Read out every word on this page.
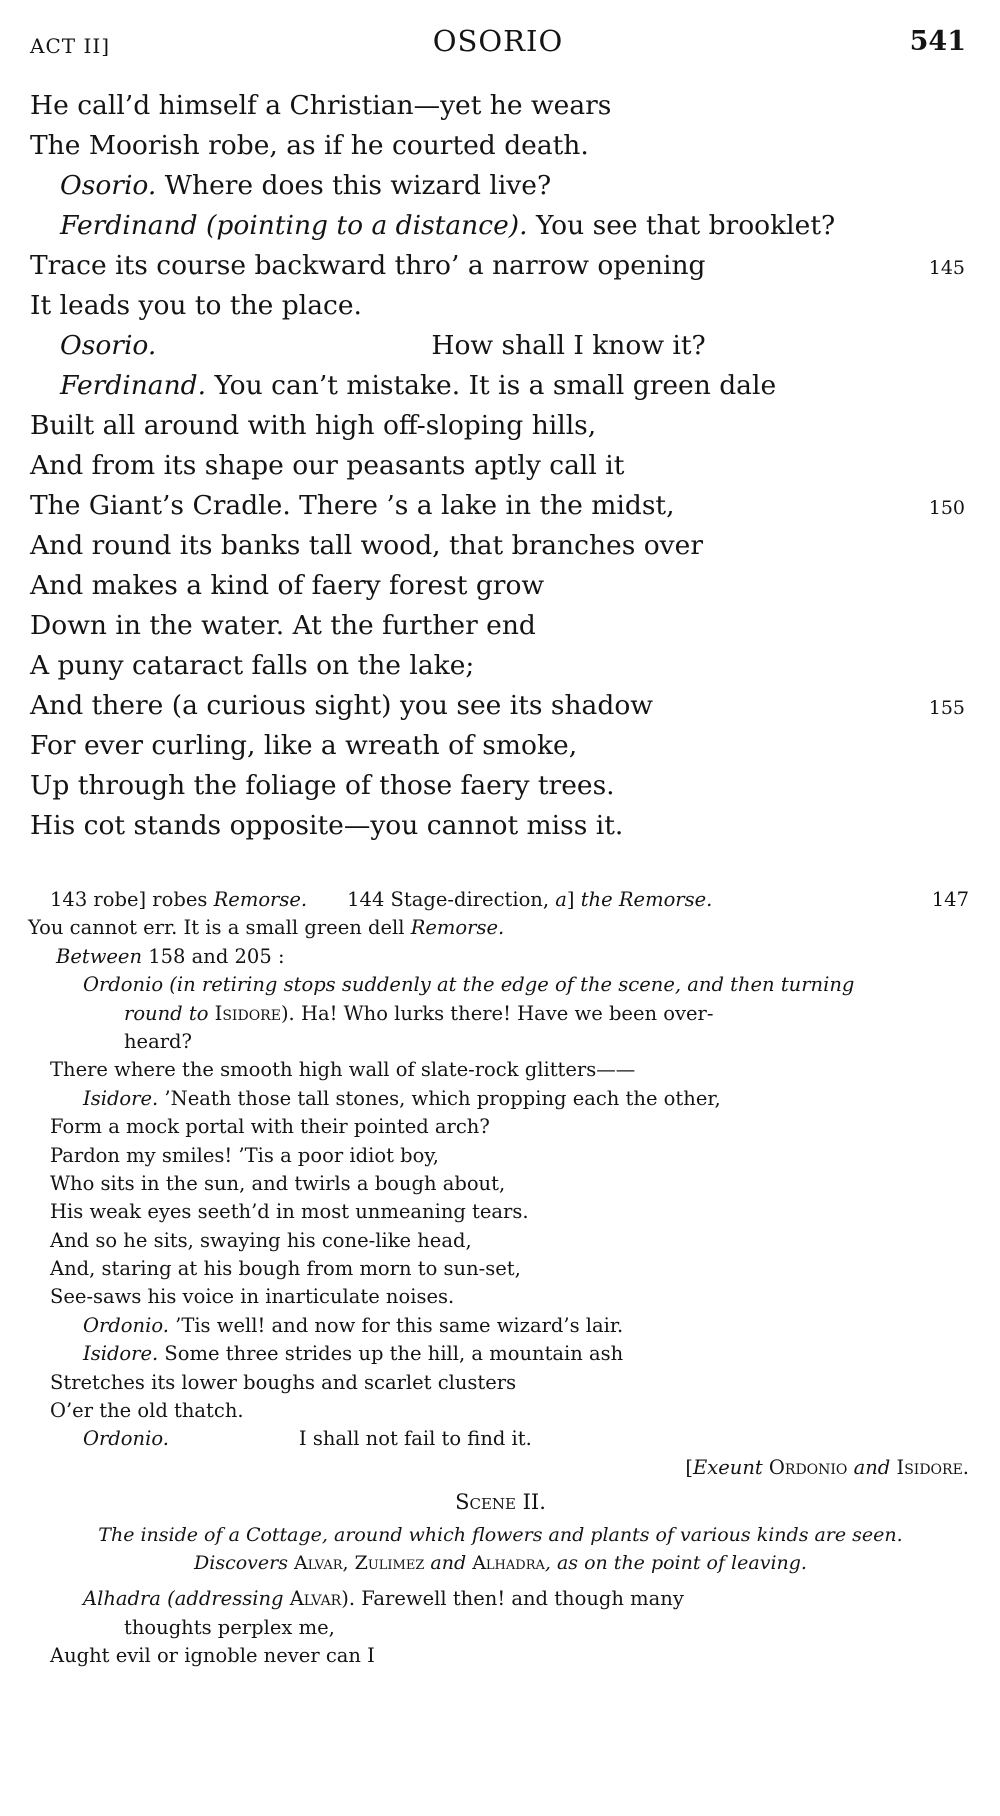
ACT II]	OSORIO	541
He call’d himself a Christian—yet he wears
The Moorish robe, as if he courted death.
Osorio. Where does this wizard live?
Ferdinand (pointing to a distance). You see that brooklet?
Trace its course backward thro’ a narrow opening	145
It leads you to the place.
Osorio.	How shall I know it?
Ferdinand. You can’t mistake. It is a small green dale
Built all around with high off-sloping hills,
And from its shape our peasants aptly call it
The Giant’s Cradle. There ’s a lake in the midst,	150
And round its banks tall wood, that branches over
And makes a kind of faery forest grow
Down in the water. At the further end
A puny cataract falls on the lake;
And there (a curious sight) you see its shadow	155
For ever curling, like a wreath of smoke,
Up through the foliage of those faery trees.
His cot stands opposite—you cannot miss it.
143 robe] robes Remorse. 144 Stage-direction, a] the Remorse.	147
You cannot err. It is a small green dell Remorse.
Between 158 and 205 :
Ordonio (in retiring stops suddenly at the edge of the scene, and then turning
round to Isidore). Ha! Who lurks there! Have we been over-
heard?
There where the smooth high wall of slate-rock glitters——
Isidore. ’Neath those tall stones, which propping each the other,
Form a mock portal with their pointed arch?
Pardon my smiles! ’Tis a poor idiot boy,
Who sits in the sun, and twirls a bough about,
His weak eyes seeth’d in most unmeaning tears.
And so he sits, swaying his cone-like head,
And, staring at his bough from morn to sun-set,
See-saws his voice in inarticulate noises.
Ordonio. ’Tis well! and now for this same wizard’s lair.
Isidore. Some three strides up the hill, a mountain ash
Stretches its lower boughs and scarlet clusters
O’er the old thatch.
Ordonio.	I shall not fail to find it.
[Exeunt Ordonio and Isidore.
Scene II.
The inside of a Cottage, around which flowers and plants of various kinds are seen.
Discovers Alvar, Zulimez and Alhadra, as on the point of leaving.
Alhadra (addressing Alvar). Farewell then! and though many
thoughts perplex me,
Aught evil or ignoble never can I
